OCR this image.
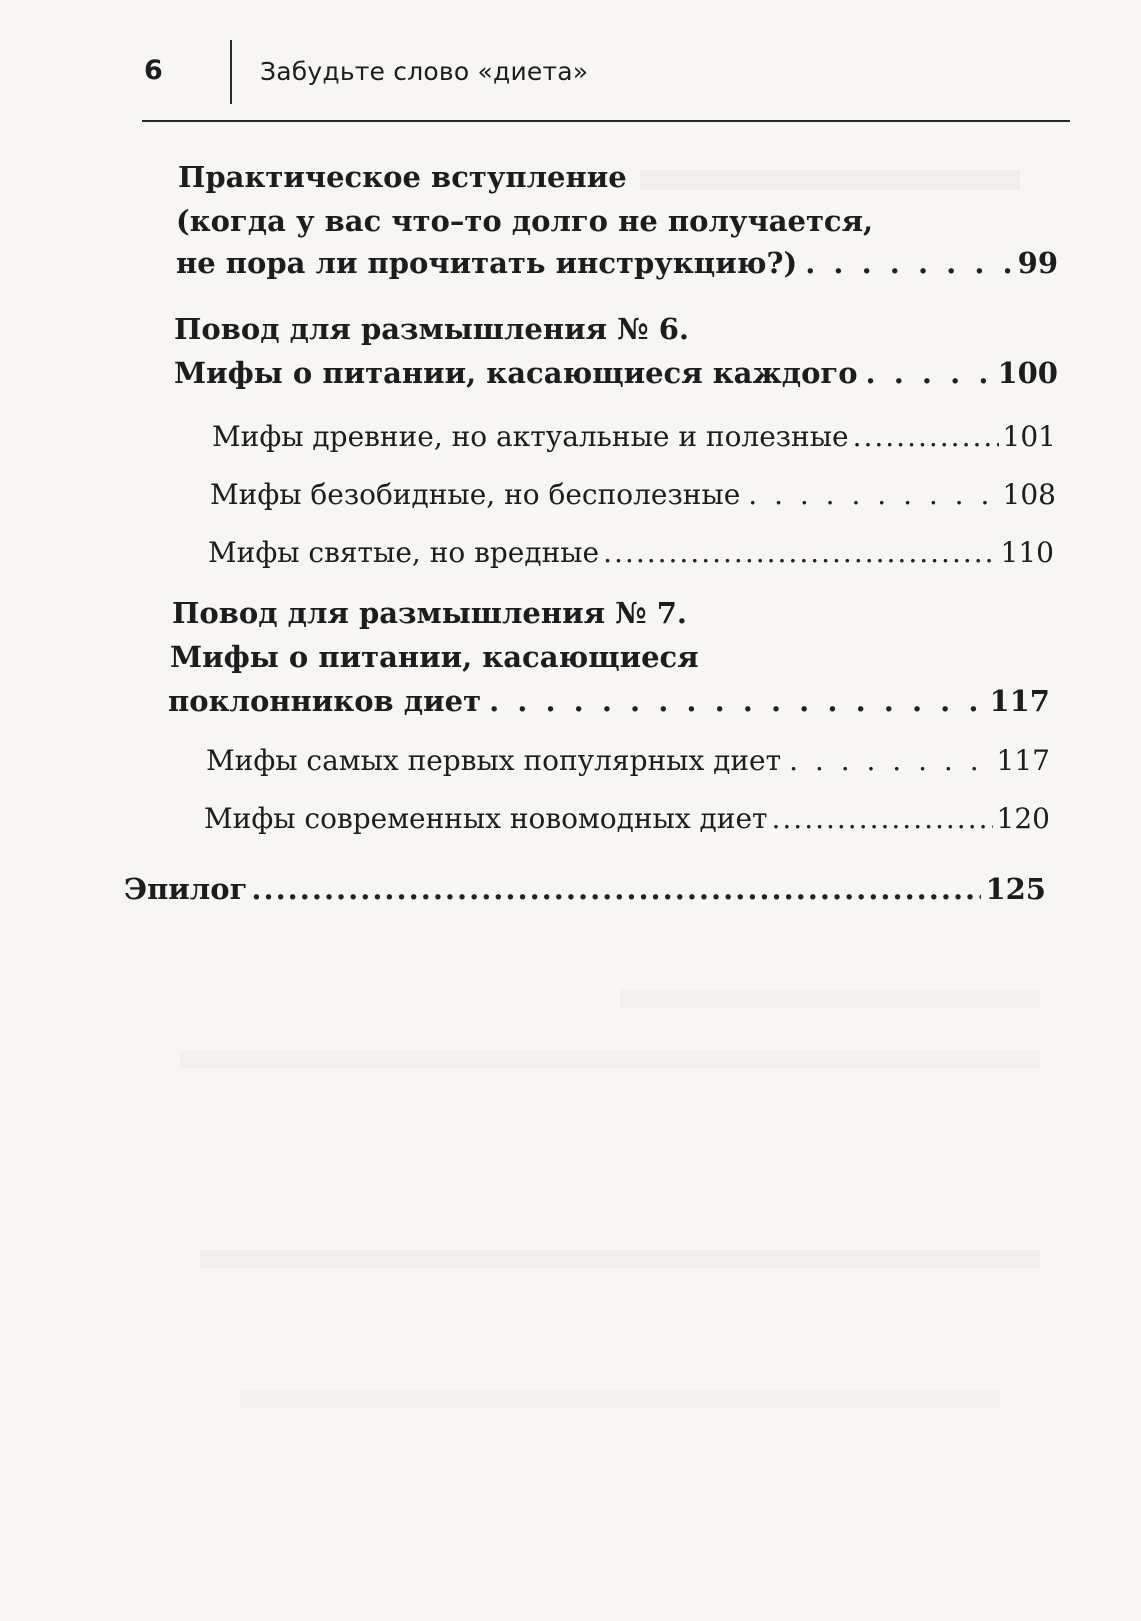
6	Забудьте слово «диета»
Практическое вступление
(когда у вас что–то долго не получается,
не пора ли прочитать инструкцию?) . . .	99
Повод для размышления № 6.
Мифы о питании, касающиеся каждого . . .	100
Мифы древние, но актуальные и полезные .....	101
Мифы безобидные, но бесполезные . . .	108
Мифы святые, но вредные .....	110
Повод для размышления № 7.
Мифы о питании, касающиеся
поклонников диет . . .	117
Мифы самых первых популярных диет . . .	117
Мифы современных новомодных диет .....	120
Эпилог .....	125
